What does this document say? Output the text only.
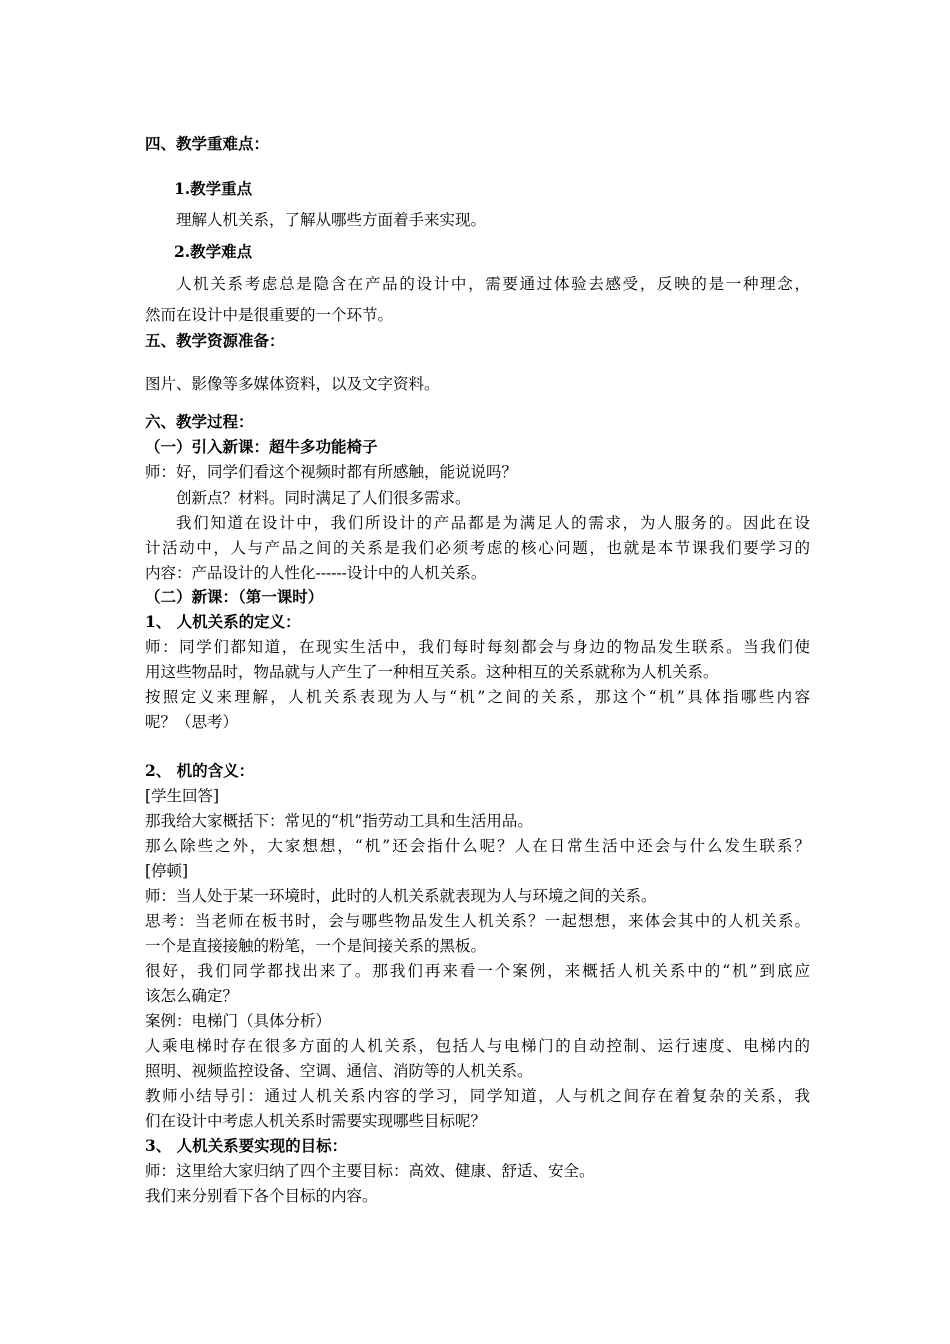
四、教学重难点：
1.教学重点
理解人机关系，了解从哪些方面着手来实现。
2.教学难点
人机关系考虑总是隐含在产品的设计中，需要通过体验去感受，反映的是一种理念，
然而在设计中是很重要的一个环节。
五、教学资源准备：
图片、影像等多媒体资料，以及文字资料。
六、教学过程：
（一）引入新课：超牛多功能椅子
师：好，同学们看这个视频时都有所感触，能说说吗？
创新点？材料。同时满足了人们很多需求。
我们知道在设计中，我们所设计的产品都是为满足人的需求，为人服务的。因此在设
计活动中，人与产品之间的关系是我们必须考虑的核心问题，也就是本节课我们要学习的
内容：产品设计的人性化------设计中的人机关系。
（二）新课：（第一课时）
1、 人机关系的定义：
师：同学们都知道，在现实生活中，我们每时每刻都会与身边的物品发生联系。当我们使
用这些物品时，物品就与人产生了一种相互关系。这种相互的关系就称为人机关系。
按照定义来理解，人机关系表现为人与“机”之间的关系，那这个“机”具体指哪些内容
呢？（思考）
2、 机的含义：
[学生回答]
那我给大家概括下：常见的“机”指劳动工具和生活用品。
那么除些之外，大家想想，“机”还会指什么呢？人在日常生活中还会与什么发生联系？
[停顿]
师：当人处于某一环境时，此时的人机关系就表现为人与环境之间的关系。
思考：当老师在板书时，会与哪些物品发生人机关系？一起想想，来体会其中的人机关系。
一个是直接接触的粉笔，一个是间接关系的黑板。
很好，我们同学都找出来了。那我们再来看一个案例，来概括人机关系中的“机”到底应
该怎么确定？
案例：电梯门（具体分析）
人乘电梯时存在很多方面的人机关系，包括人与电梯门的自动控制、运行速度、电梯内的
照明、视频监控设备、空调、通信、消防等的人机关系。
教师小结导引：通过人机关系内容的学习，同学知道，人与机之间存在着复杂的关系，我
们在设计中考虑人机关系时需要实现哪些目标呢？
3、 人机关系要实现的目标：
师：这里给大家归纳了四个主要目标：高效、健康、舒适、安全。
我们来分别看下各个目标的内容。
